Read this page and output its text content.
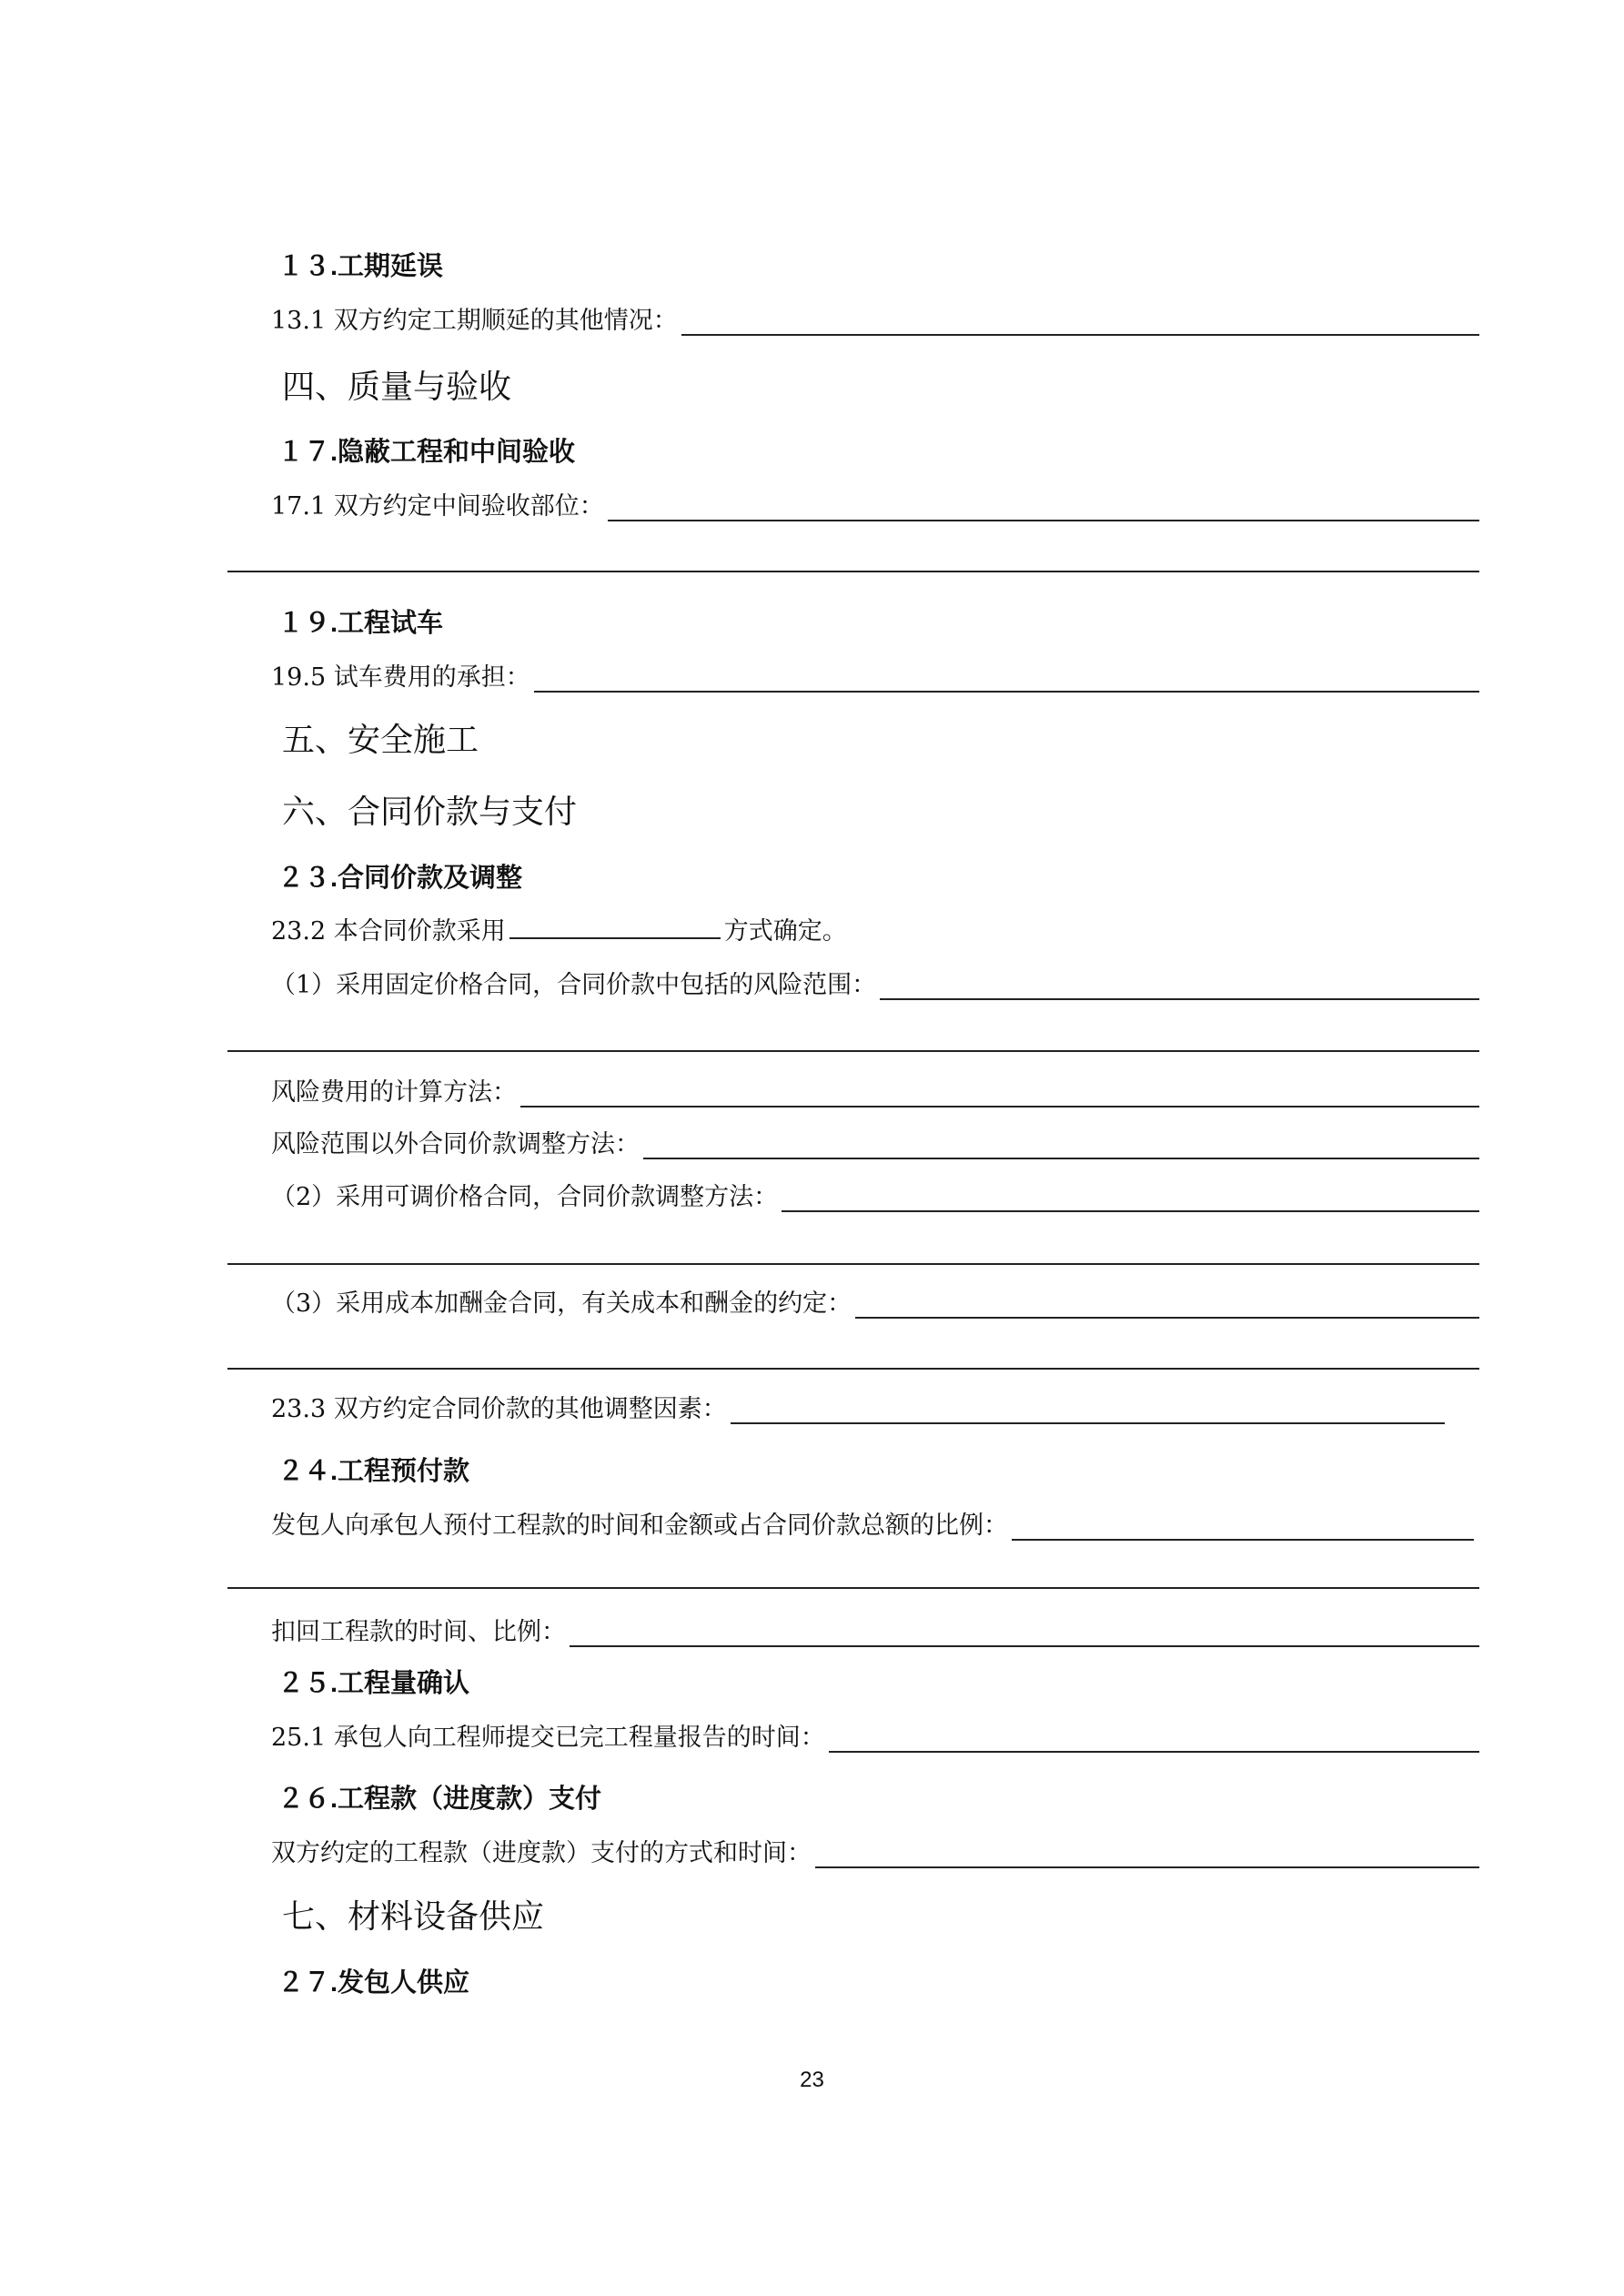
１３.工期延误
13.1 双方约定工期顺延的其他情况：
四、质量与验收
１７.隐蔽工程和中间验收
17.1 双方约定中间验收部位：
１９.工程试车
19.5 试车费用的承担：
五、安全施工
六、合同价款与支付
２３.合同价款及调整
23.2 本合同价款采用	方式确定。
（1）采用固定价格合同，合同价款中包括的风险范围：
风险费用的计算方法：
风险范围以外合同价款调整方法：
（2）采用可调价格合同，合同价款调整方法：
（3）采用成本加酬金合同，有关成本和酬金的约定：
23.3 双方约定合同价款的其他调整因素：
２４.工程预付款
发包人向承包人预付工程款的时间和金额或占合同价款总额的比例：
扣回工程款的时间、比例：
２５.工程量确认
25.1 承包人向工程师提交已完工程量报告的时间：
２６.工程款（进度款）支付
双方约定的工程款（进度款）支付的方式和时间：
七、材料设备供应
２７.发包人供应
23
